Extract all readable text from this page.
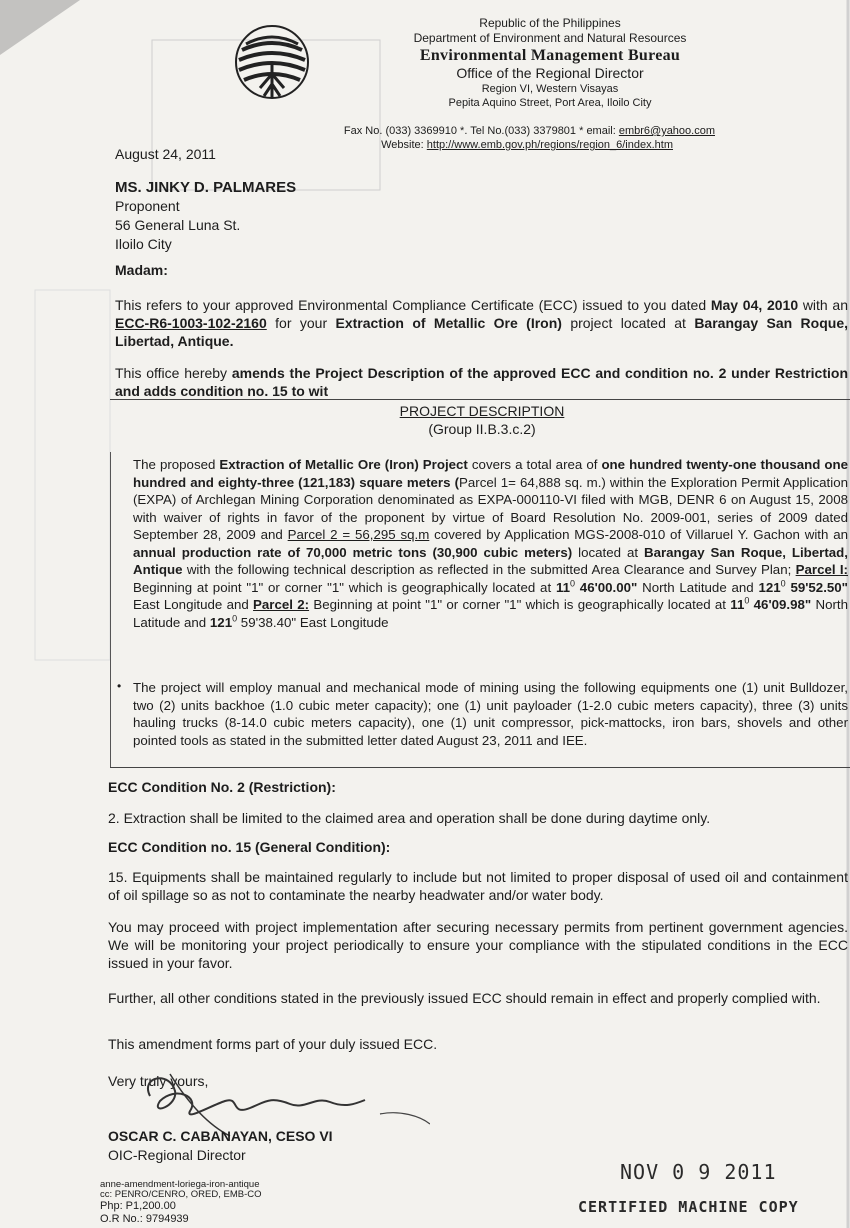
Republic of the Philippines
Department of Environment and Natural Resources
Environmental Management Bureau
Office of the Regional Director
Region VI, Western Visayas
Pepita Aquino Street, Port Area, Iloilo City
Fax No. (033) 3369910 *. Tel No.(033) 3379801 * email: embr6@yahoo.com
Website: http://www.emb.gov.ph/regions/region_6/index.htm
August 24, 2011
MS. JINKY D. PALMARES
Proponent
56 General Luna St.
Iloilo City
Madam:
This refers to your approved Environmental Compliance Certificate (ECC) issued to you dated May 04, 2010 with an ECC-R6-1003-102-2160 for your Extraction of Metallic Ore (Iron) project located at Barangay San Roque, Libertad, Antique.
This office hereby amends the Project Description of the approved ECC and condition no. 2 under Restriction and adds condition no. 15 to wit
PROJECT DESCRIPTION
(Group II.B.3.c.2)
The proposed Extraction of Metallic Ore (Iron) Project covers a total area of one hundred twenty-one thousand one hundred and eighty-three (121,183) square meters (Parcel 1= 64,888 sq. m.) within the Exploration Permit Application (EXPA) of Archlegan Mining Corporation denominated as EXPA-000110-VI filed with MGB, DENR 6 on August 15, 2008 with waiver of rights in favor of the proponent by virtue of Board Resolution No. 2009-001, series of 2009 dated September 28, 2009 and Parcel 2 = 56,295 sq.m covered by Application MGS-2008-010 of Villaruel Y. Gachon with an annual production rate of 70,000 metric tons (30,900 cubic meters) located at Barangay San Roque, Libertad, Antique with the following technical description as reflected in the submitted Area Clearance and Survey Plan; Parcel I: Beginning at point "1" or corner "1" which is geographically located at $11^0$ 46'00.00" North Latitude and $121^0$ 59'52.50" East Longitude and Parcel 2: Beginning at point "1" or corner "1" which is geographically located at $11^0$ 46'09.98" North Latitude and $121^0$ 59'38.40" East Longitude
• The project will employ manual and mechanical mode of mining using the following equipments one (1) unit Bulldozer, two (2) units backhoe (1.0 cubic meter capacity); one (1) unit payloader (1-2.0 cubic meters capacity), three (3) units hauling trucks (8-14.0 cubic meters capacity), one (1) unit compressor, pick-mattocks, iron bars, shovels and other pointed tools as stated in the submitted letter dated August 23, 2011 and IEE.
ECC Condition No. 2 (Restriction):
2. Extraction shall be limited to the claimed area and operation shall be done during daytime only.
ECC Condition no. 15 (General Condition):
15. Equipments shall be maintained regularly to include but not limited to proper disposal of used oil and containment of oil spillage so as not to contaminate the nearby headwater and/or water body.
You may proceed with project implementation after securing necessary permits from pertinent government agencies. We will be monitoring your project periodically to ensure your compliance with the stipulated conditions in the ECC issued in your favor.
Further, all other conditions stated in the previously issued ECC should remain in effect and properly complied with.
This amendment forms part of your duly issued ECC.
Very truly yours,
OSCAR C. CABANAYAN, CESO VI
OIC-Regional Director
anne-amendment-loriega-iron-antique
cc: PENRO/CENRO, ORED, EMB-CO
Php: P1,200.00
O.R No.: 9794939
NOV 0 9 2011
CERTIFIED MACHINE COPY
